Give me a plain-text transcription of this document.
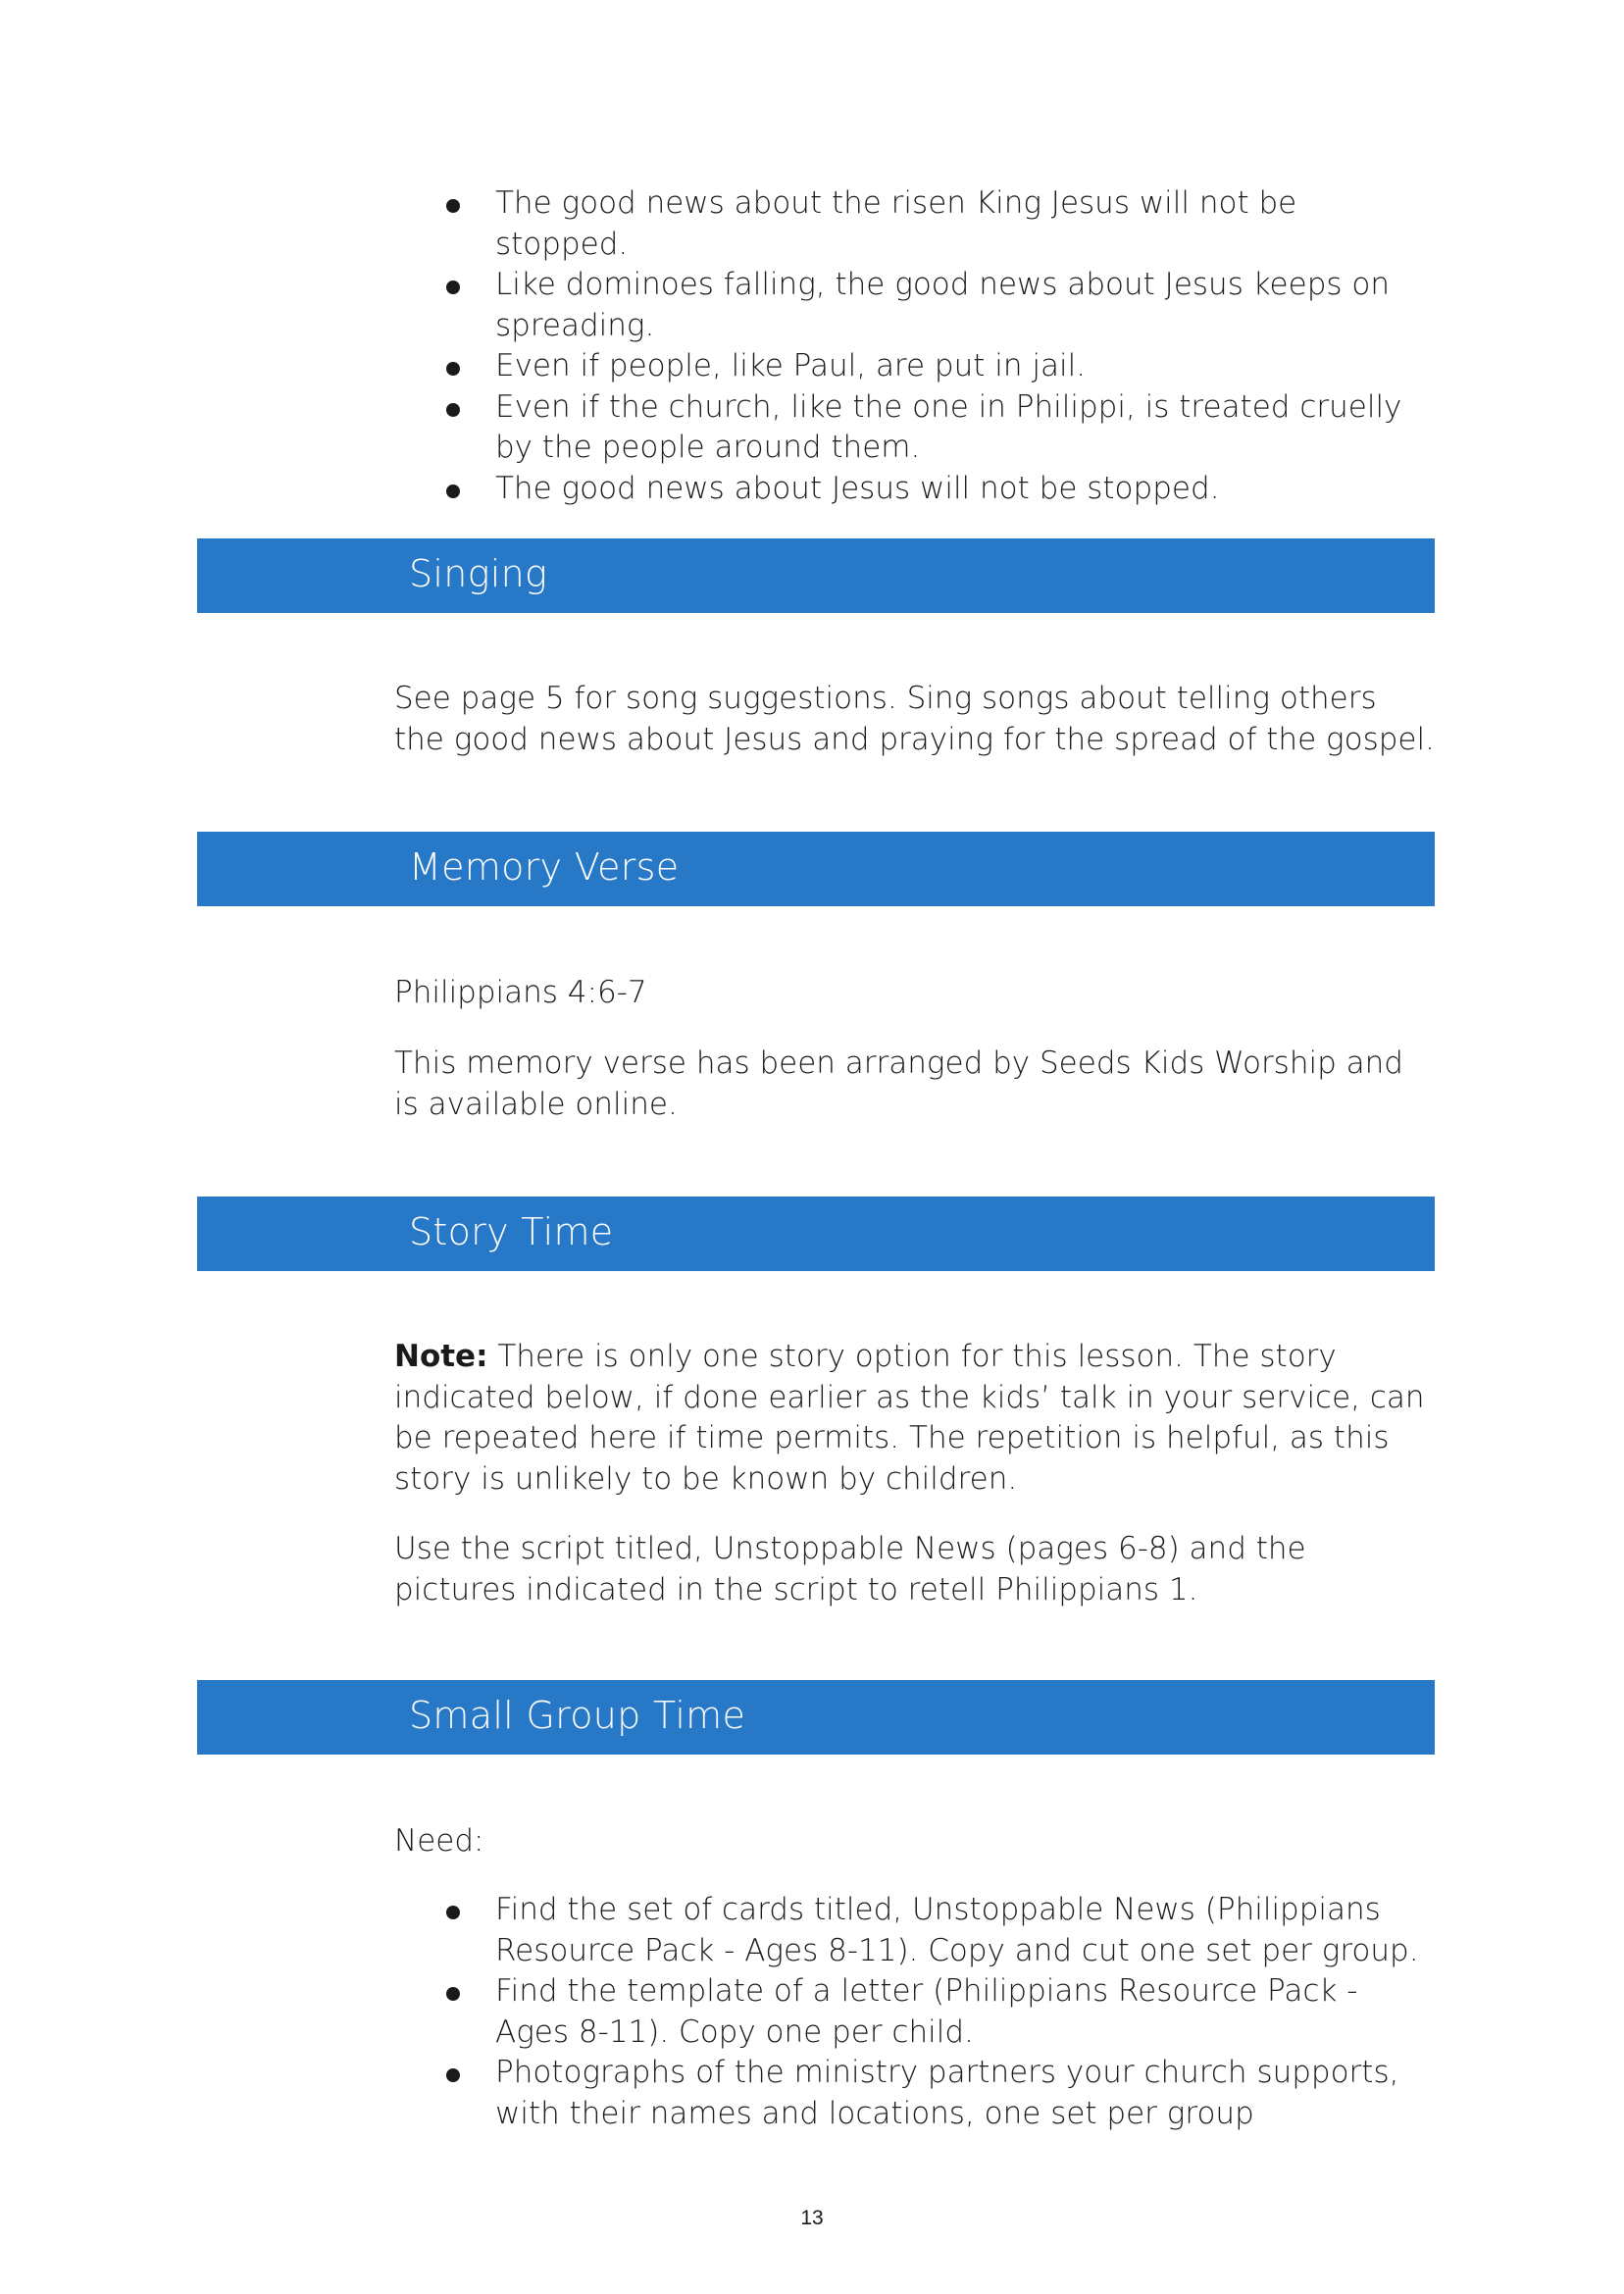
The good news about the risen King Jesus will not be stopped.
Like dominoes falling, the good news about Jesus keeps on spreading.
Even if people, like Paul, are put in jail.
Even if the church, like the one in Philippi, is treated cruelly by the people around them.
The good news about Jesus will not be stopped.
Singing

See page 5 for song suggestions. Sing songs about telling others the good news about Jesus and praying for the spread of the gospel.

Memory Verse

Philippians 4:6-7

This memory verse has been arranged by Seeds Kids Worship and is available online.

Story Time

Note: There is only one story option for this lesson. The story indicated below, if done earlier as the kids’ talk in your service, can be repeated here if time permits. The repetition is helpful, as this story is unlikely to be known by children.

Use the script titled, Unstoppable News (pages 6-8) and the pictures indicated in the script to retell Philippians 1.

Small Group Time

Need:

Find the set of cards titled, Unstoppable News (Philippians Resource Pack - Ages 8-11). Copy and cut one set per group.
Find the template of a letter (Philippians Resource Pack - Ages 8-11). Copy one per child.
Photographs of the ministry partners your church supports, with their names and locations, one set per group
13
